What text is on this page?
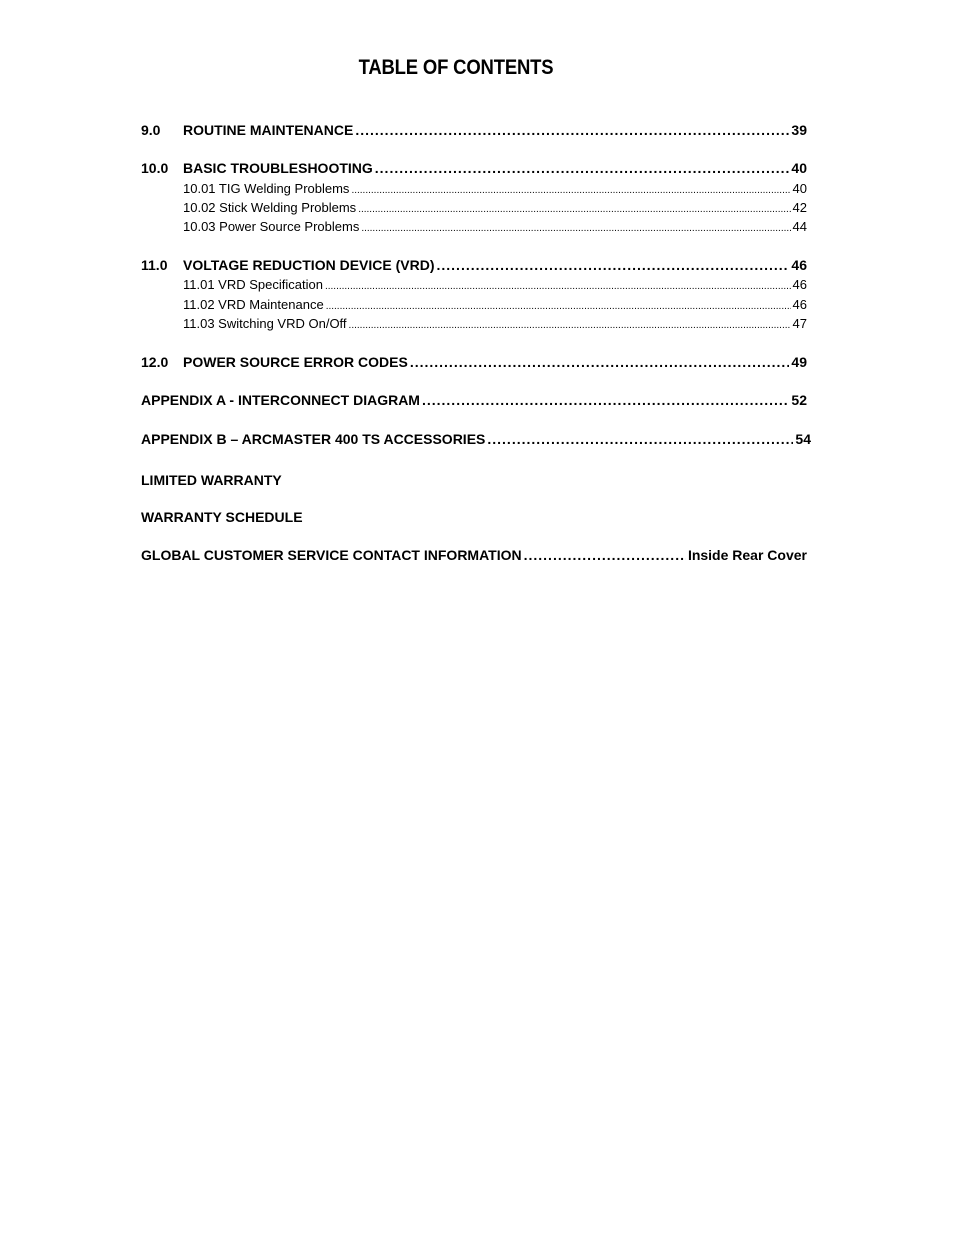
TABLE OF CONTENTS
9.0	ROUTINE MAINTENANCE .....	39
10.0	BASIC TROUBLESHOOTING .....	40
10.01 TIG Welding Problems .....	40
10.02 Stick Welding Problems .....	42
10.03 Power Source Problems .....	44
11.0	VOLTAGE REDUCTION DEVICE (VRD) .....	46
11.01 VRD Specification .....	46
11.02 VRD Maintenance .....	46
11.03 Switching VRD On/Off .....	47
12.0	POWER SOURCE ERROR CODES .....	49
APPENDIX A - INTERCONNECT DIAGRAM .....	52
APPENDIX B – ARCMASTER 400 TS ACCESSORIES .....	54
LIMITED WARRANTY
WARRANTY SCHEDULE
GLOBAL CUSTOMER SERVICE CONTACT INFORMATION .....	Inside Rear Cover
